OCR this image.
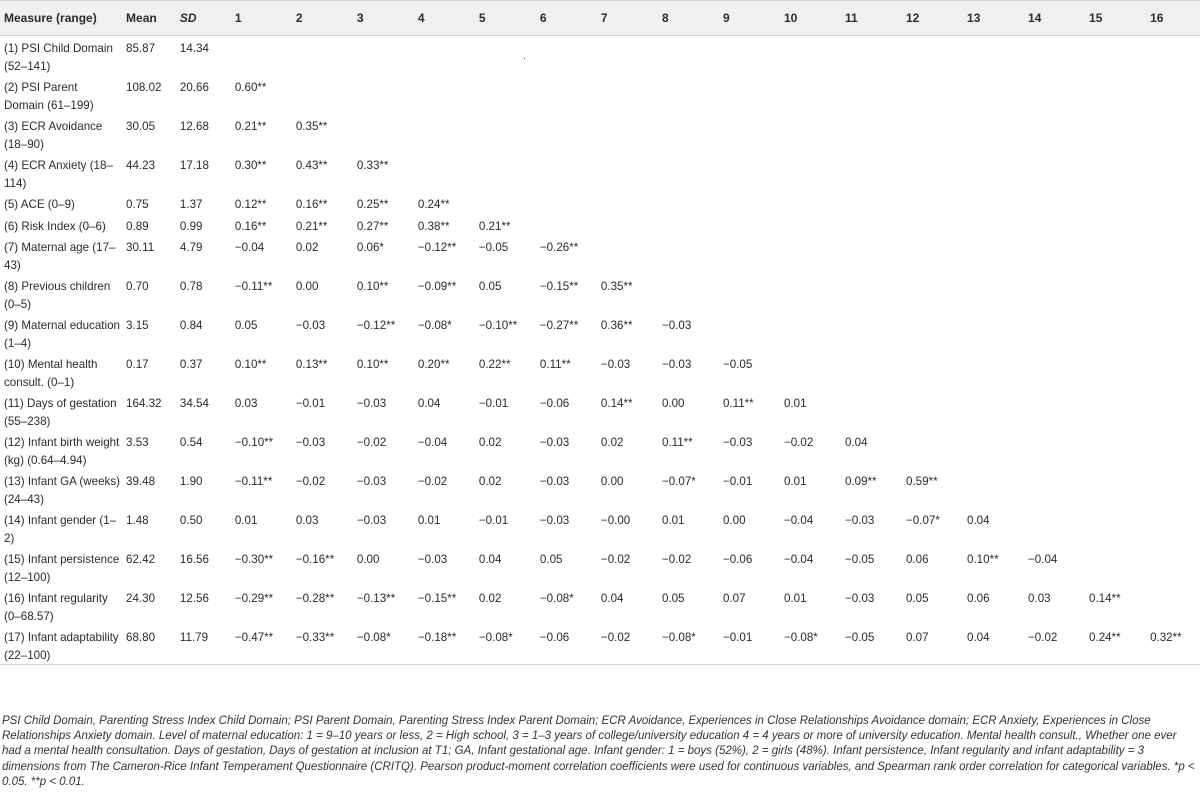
Measure (range)	Mean	SD	1	2	3	4	5	6	7	8	9	10	11	12	13	14	15	16
(1) PSI Child Domain (52–141)	85.87	14.34																
(2) PSI Parent Domain (61–199)	108.02	20.66	0.60**															
(3) ECR Avoidance (18–90)	30.05	12.68	0.21**	0.35**														
(4) ECR Anxiety (18–114)	44.23	17.18	0.30**	0.43**	0.33**													
(5) ACE (0–9)	0.75	1.37	0.12**	0.16**	0.25**	0.24**												
(6) Risk Index (0–6)	0.89	0.99	0.16**	0.21**	0.27**	0.38**	0.21**											
(7) Maternal age (17–43)	30.11	4.79	−0.04	0.02	0.06*	−0.12**	−0.05	−0.26**										
(8) Previous children (0–5)	0.70	0.78	−0.11**	0.00	0.10**	−0.09**	0.05	−0.15**	0.35**									
(9) Maternal education (1–4)	3.15	0.84	0.05	−0.03	−0.12**	−0.08*	−0.10**	−0.27**	0.36**	−0.03								
(10) Mental health consult. (0–1)	0.17	0.37	0.10**	0.13**	0.10**	0.20**	0.22**	0.11**	−0.03	−0.03	−0.05							
(11) Days of gestation (55–238)	164.32	34.54	0.03	−0.01	−0.03	0.04	−0.01	−0.06	0.14**	0.00	0.11**	0.01						
(12) Infant birth weight (kg) (0.64–4.94)	3.53	0.54	−0.10**	−0.03	−0.02	−0.04	0.02	−0.03	0.02	0.11**	−0.03	−0.02	0.04					
(13) Infant GA (weeks) (24–43)	39.48	1.90	−0.11**	−0.02	−0.03	−0.02	0.02	−0.03	0.00	−0.07*	−0.01	0.01	0.09**	0.59**				
(14) Infant gender (1–2)	1.48	0.50	0.01	0.03	−0.03	0.01	−0.01	−0.03	−0.00	0.01	0.00	−0.04	−0.03	−0.07*	0.04			
(15) Infant persistence (12–100)	62.42	16.56	−0.30**	−0.16**	0.00	−0.03	0.04	0.05	−0.02	−0.02	−0.06	−0.04	−0.05	0.06	0.10**	−0.04		
(16) Infant regularity (0–68.57)	24.30	12.56	−0.29**	−0.28**	−0.13**	−0.15**	0.02	−0.08*	0.04	0.05	0.07	0.01	−0.03	0.05	0.06	0.03	0.14**	
(17) Infant adaptability (22–100)	68.80	11.79	−0.47**	−0.33**	−0.08*	−0.18**	−0.08*	−0.06	−0.02	−0.08*	−0.01	−0.08*	−0.05	0.07	0.04	−0.02	0.24**	0.32**
.

PSI Child Domain, Parenting Stress Index Child Domain; PSI Parent Domain, Parenting Stress Index Parent Domain; ECR Avoidance, Experiences in Close Relationships Avoidance domain; ECR Anxiety, Experiences in Close Relationships Anxiety domain. Level of maternal education: 1 = 9–10 years or less, 2 = High school, 3 = 1–3 years of college/university education 4 = 4 years or more of university education. Mental health consult., Whether one ever had a mental health consultation. Days of gestation, Days of gestation at inclusion at T1; GA, Infant gestational age. Infant gender: 1 = boys (52%), 2 = girls (48%). Infant persistence, Infant regularity and infant adaptability = 3 dimensions from The Cameron-Rice Infant Temperament Questionnaire (CRITQ). Pearson product-moment correlation coefficients were used for continuous variables, and Spearman rank order correlation for categorical variables. *p < 0.05. **p < 0.01.
